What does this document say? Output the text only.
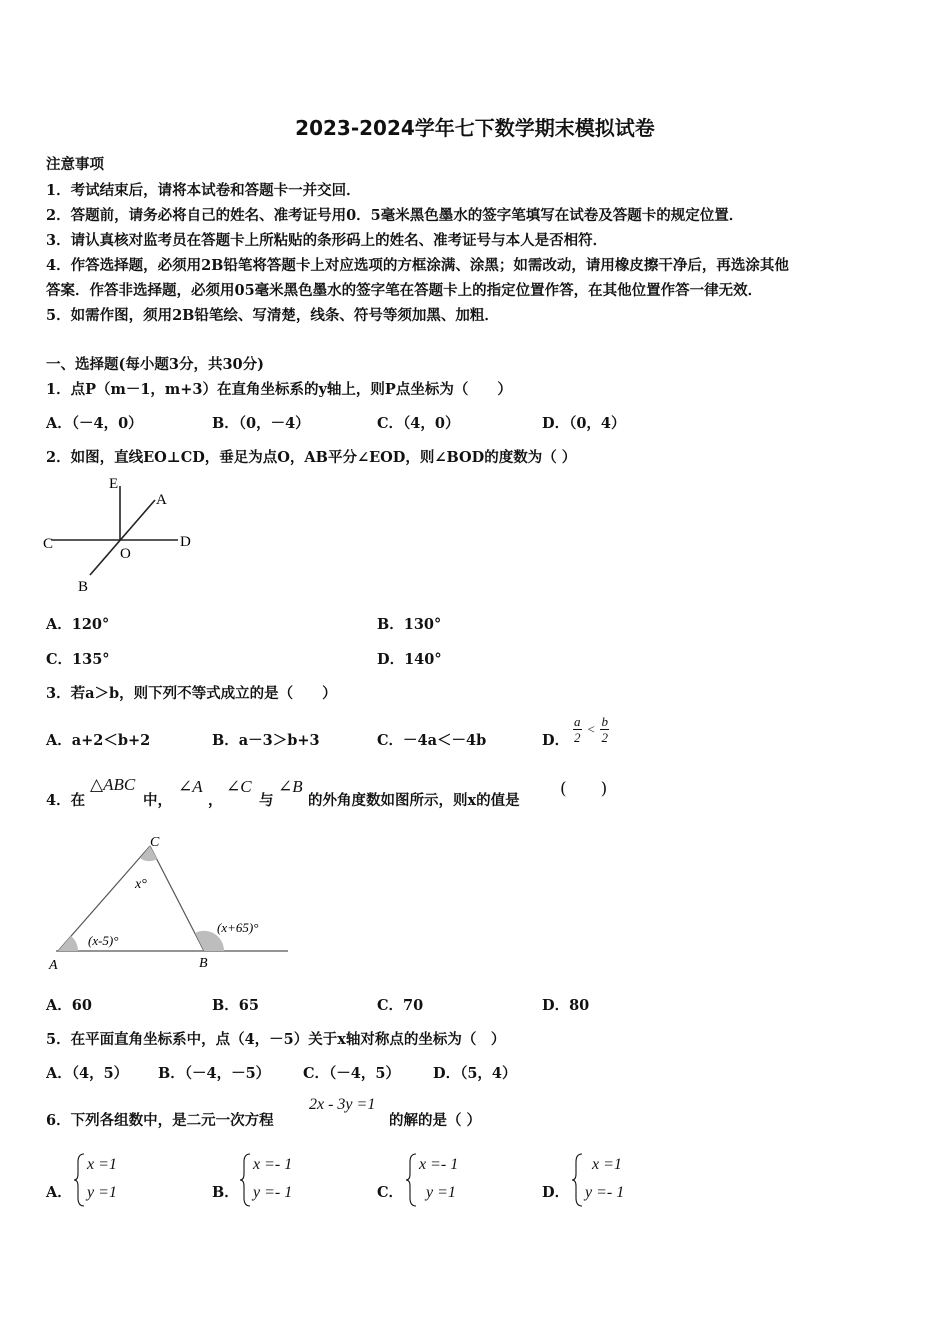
2023-2024学年七下数学期末模拟试卷
注意事项
1．考试结束后，请将本试卷和答题卡一并交回．
2．答题前，请务必将自己的姓名、准考证号用0．5毫米黑色墨水的签字笔填写在试卷及答题卡的规定位置．
3．请认真核对监考员在答题卡上所粘贴的条形码上的姓名、准考证号与本人是否相符．
4．作答选择题，必须用2B铅笔将答题卡上对应选项的方框涂满、涂黑；如需改动，请用橡皮擦干净后，再选涂其他
答案．作答非选择题，必须用05毫米黑色墨水的签字笔在答题卡上的指定位置作答，在其他位置作答一律无效．
5．如需作图，须用2B铅笔绘、写清楚，线条、符号等须加黑、加粗．
一、选择题(每小题3分，共30分)
1．点P（m－1，m+3）在直角坐标系的y轴上，则P点坐标为（　　）
A．（－4，0）	B．（0，－4）	C．（4，0）	D．（0，4）
2．如图，直线EO⊥CD，垂足为点O，AB平分∠EOD，则∠BOD的度数为（ ）
E
A
C
O
D
B
A．120°	B．130°
C．135°	D．140°
3．若a＞b，则下列不等式成立的是（　　）
A．a+2＜b+2	B．a－3＞b+3	C．－4a＜－4b	D． $\frac{a}{2} < \frac{b}{2}$
4．在
△ABC
中，
∠A
，
∠C
与
∠B
的外角度数如图所示，则x的值是
(　　)
C
x°
(x+65)°
(x-5)°
A	B
A．60	B．65	C．70	D．80
5．在平面直角坐标系中，点（4，－5）关于x轴对称点的坐标为（　）
A．（4，5） B．（－4，－5） C．（－4，5） D．（5，4）
6．下列各组数中，是二元一次方程
2x - 3y =1
的解的是（ ）
A．
x =1
y =1	B．
x =- 1
y =- 1	C．
x =- 1
y =1	D．
x =1
y =- 1
